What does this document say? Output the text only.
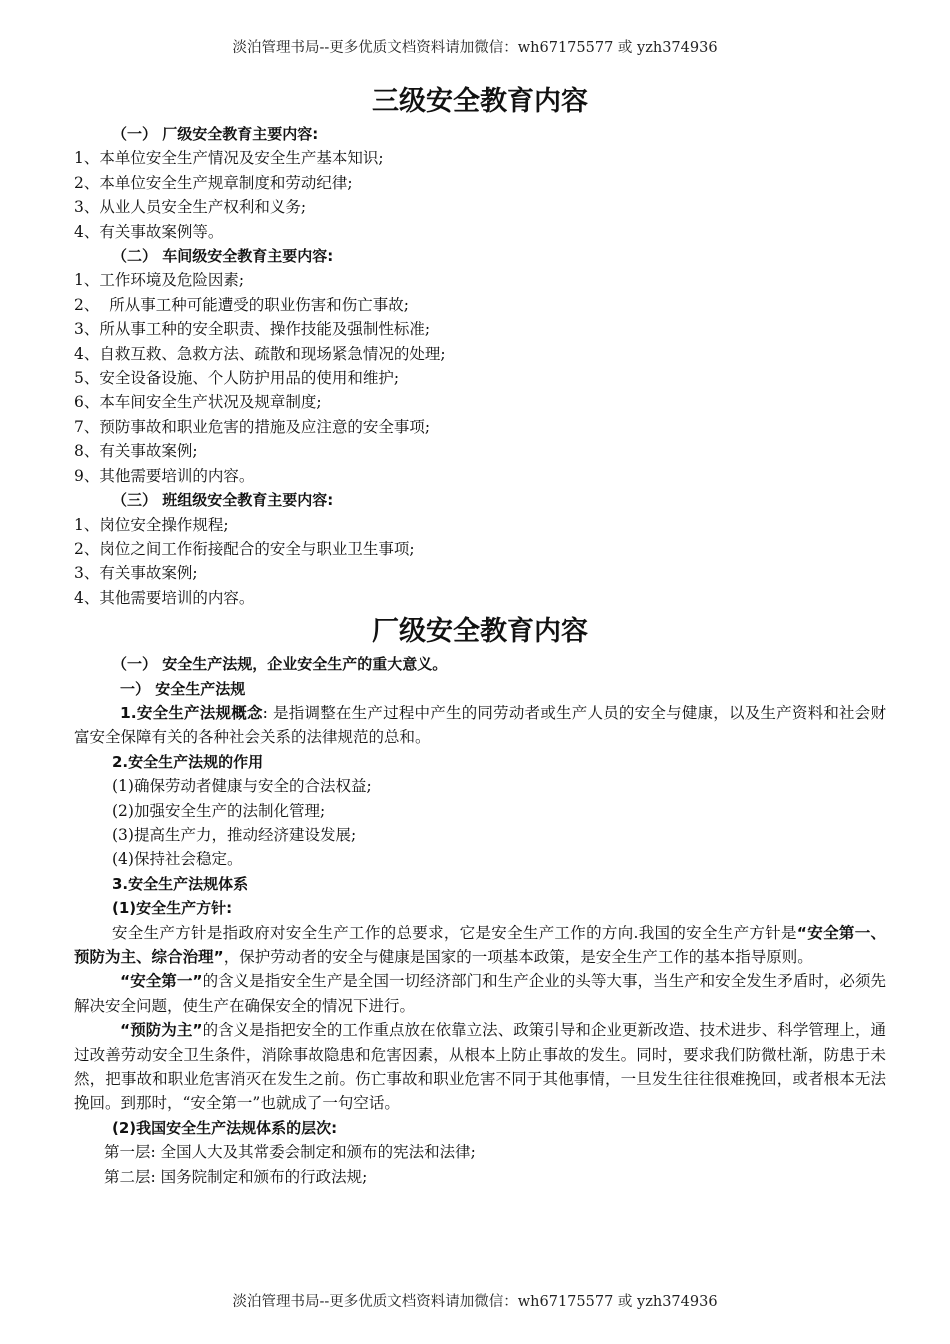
淡泊管理书局--更多优质文档资料请加微信：wh67175577 或 yzh374936
三级安全教育内容
（一） 厂级安全教育主要内容:
1、本单位安全生产情况及安全生产基本知识;
2、本单位安全生产规章制度和劳动纪律;
3、从业人员安全生产权利和义务;
4、有关事故案例等。
（二） 车间级安全教育主要内容:
1、工作环境及危险因素;
2、  所从事工种可能遭受的职业伤害和伤亡事故;
3、所从事工种的安全职责、操作技能及强制性标准;
4、自救互救、急救方法、疏散和现场紧急情况的处理;
5、安全设备设施、个人防护用品的使用和维护;
6、本车间安全生产状况及规章制度;
7、预防事故和职业危害的措施及应注意的安全事项;
8、有关事故案例;
9、其他需要培训的内容。
（三） 班组级安全教育主要内容:
1、岗位安全操作规程;
2、岗位之间工作衔接配合的安全与职业卫生事项;
3、有关事故案例;
4、其他需要培训的内容。
厂级安全教育内容
（一） 安全生产法规，企业安全生产的重大意义。
一） 安全生产法规
1.安全生产法规概念: 是指调整在生产过程中产生的同劳动者或生产人员的安全与健康，以及生产资料和社会财富安全保障有关的各种社会关系的法律规范的总和。
2.安全生产法规的作用
(1)确保劳动者健康与安全的合法权益;
(2)加强安全生产的法制化管理;
(3)提高生产力，推动经济建设发展;
(4)保持社会稳定。
3.安全生产法规体系
(1)安全生产方针:
安全生产方针是指政府对安全生产工作的总要求，它是安全生产工作的方向.我国的安全生产方针是“安全第一、预防为主、综合治理”，保护劳动者的安全与健康是国家的一项基本政策，是安全生产工作的基本指导原则。
“安全第一”的含义是指安全生产是全国一切经济部门和生产企业的头等大事，当生产和安全发生矛盾时，必须先解决安全问题，使生产在确保安全的情况下进行。
“预防为主”的含义是指把安全的工作重点放在依靠立法、政策引导和企业更新改造、技术进步、科学管理上，通过改善劳动安全卫生条件，消除事故隐患和危害因素，从根本上防止事故的发生。同时，要求我们防微杜渐，防患于未然，把事故和职业危害消灭在发生之前。伤亡事故和职业危害不同于其他事情，一旦发生往往很难挽回，或者根本无法挽回。到那时，“安全第一”也就成了一句空话。
(2)我国安全生产法规体系的层次:
第一层: 全国人大及其常委会制定和颁布的宪法和法律;
第二层: 国务院制定和颁布的行政法规;
淡泊管理书局--更多优质文档资料请加微信：wh67175577 或 yzh374936
